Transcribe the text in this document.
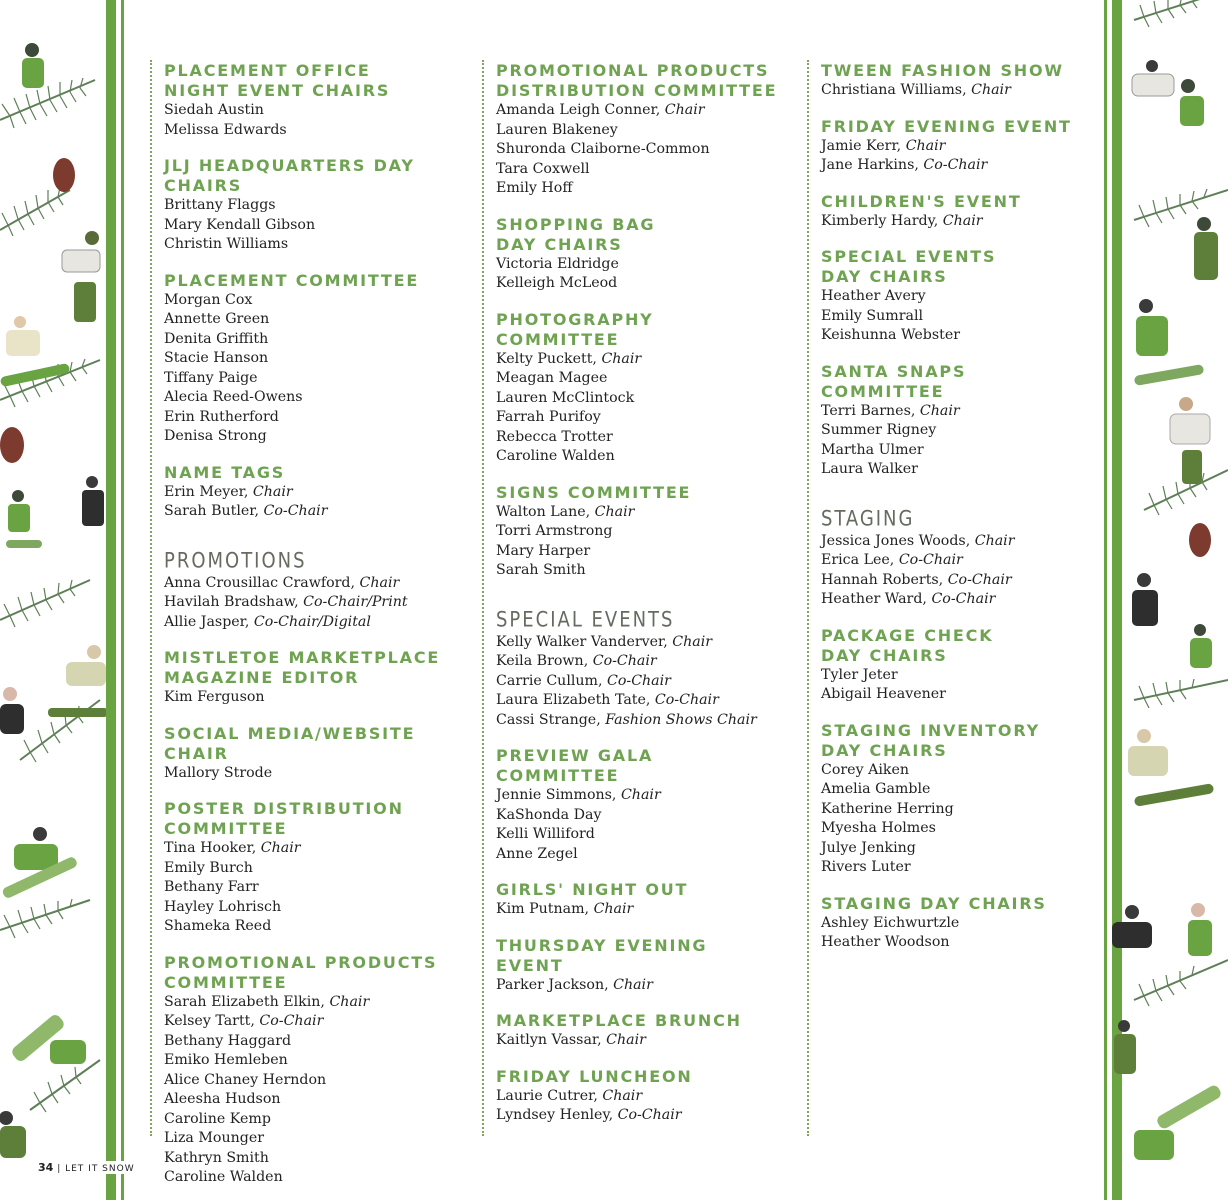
PLACEMENT OFFICE
NIGHT EVENT CHAIRS
Siedah Austin
Melissa Edwards
JLJ HEADQUARTERS DAY CHAIRS
Brittany Flaggs
Mary Kendall Gibson
Christin Williams
PLACEMENT COMMITTEE
Morgan Cox
Annette Green
Denita Griffith
Stacie Hanson
Tiffany Paige
Alecia Reed-Owens
Erin Rutherford
Denisa Strong
NAME TAGS
Erin Meyer, Chair
Sarah Butler, Co-Chair
PROMOTIONS
Anna Crousillac Crawford, Chair
Havilah Bradshaw, Co-Chair/Print
Allie Jasper, Co-Chair/Digital
MISTLETOE MARKETPLACE
MAGAZINE EDITOR
Kim Ferguson
SOCIAL MEDIA/WEBSITE CHAIR
Mallory Strode
POSTER DISTRIBUTION
COMMITTEE
Tina Hooker, Chair
Emily Burch
Bethany Farr
Hayley Lohrisch
Shameka Reed
PROMOTIONAL PRODUCTS
COMMITTEE
Sarah Elizabeth Elkin, Chair
Kelsey Tartt, Co-Chair
Bethany Haggard
Emiko Hemleben
Alice Chaney Herndon
Aleesha Hudson
Caroline Kemp
Liza Mounger
Kathryn Smith
Caroline Walden
PROMOTIONAL PRODUCTS
DISTRIBUTION COMMITTEE
Amanda Leigh Conner, Chair
Lauren Blakeney
Shuronda Claiborne-Common
Tara Coxwell
Emily Hoff
SHOPPING BAG
DAY CHAIRS
Victoria Eldridge
Kelleigh McLeod
PHOTOGRAPHY COMMITTEE
Kelty Puckett, Chair
Meagan Magee
Lauren McClintock
Farrah Purifoy
Rebecca Trotter
Caroline Walden
SIGNS COMMITTEE
Walton Lane, Chair
Torri Armstrong
Mary Harper
Sarah Smith
SPECIAL EVENTS
Kelly Walker Vanderver, Chair
Keila Brown, Co-Chair
Carrie Cullum, Co-Chair
Laura Elizabeth Tate, Co-Chair
Cassi Strange, Fashion Shows Chair
PREVIEW GALA
COMMITTEE
Jennie Simmons, Chair
KaShonda Day
Kelli Williford
Anne Zegel
GIRLS' NIGHT OUT
Kim Putnam, Chair
THURSDAY EVENING
EVENT
Parker Jackson, Chair
MARKETPLACE BRUNCH
Kaitlyn Vassar, Chair
FRIDAY LUNCHEON
Laurie Cutrer, Chair
Lyndsey Henley, Co-Chair
TWEEN FASHION SHOW
Christiana Williams, Chair
FRIDAY EVENING EVENT
Jamie Kerr, Chair
Jane Harkins, Co-Chair
CHILDREN'S EVENT
Kimberly Hardy, Chair
SPECIAL EVENTS
DAY CHAIRS
Heather Avery
Emily Sumrall
Keishunna Webster
SANTA SNAPS COMMITTEE
Terri Barnes, Chair
Summer Rigney
Martha Ulmer
Laura Walker
STAGING
Jessica Jones Woods, Chair
Erica Lee, Co-Chair
Hannah Roberts, Co-Chair
Heather Ward, Co-Chair
PACKAGE CHECK
DAY CHAIRS
Tyler Jeter
Abigail Heavener
STAGING INVENTORY
DAY CHAIRS
Corey Aiken
Amelia Gamble
Katherine Herring
Myesha Holmes
Julye Jenking
Rivers Luter
STAGING DAY CHAIRS
Ashley Eichwurtzle
Heather Woodson
34 | LET IT SNOW
